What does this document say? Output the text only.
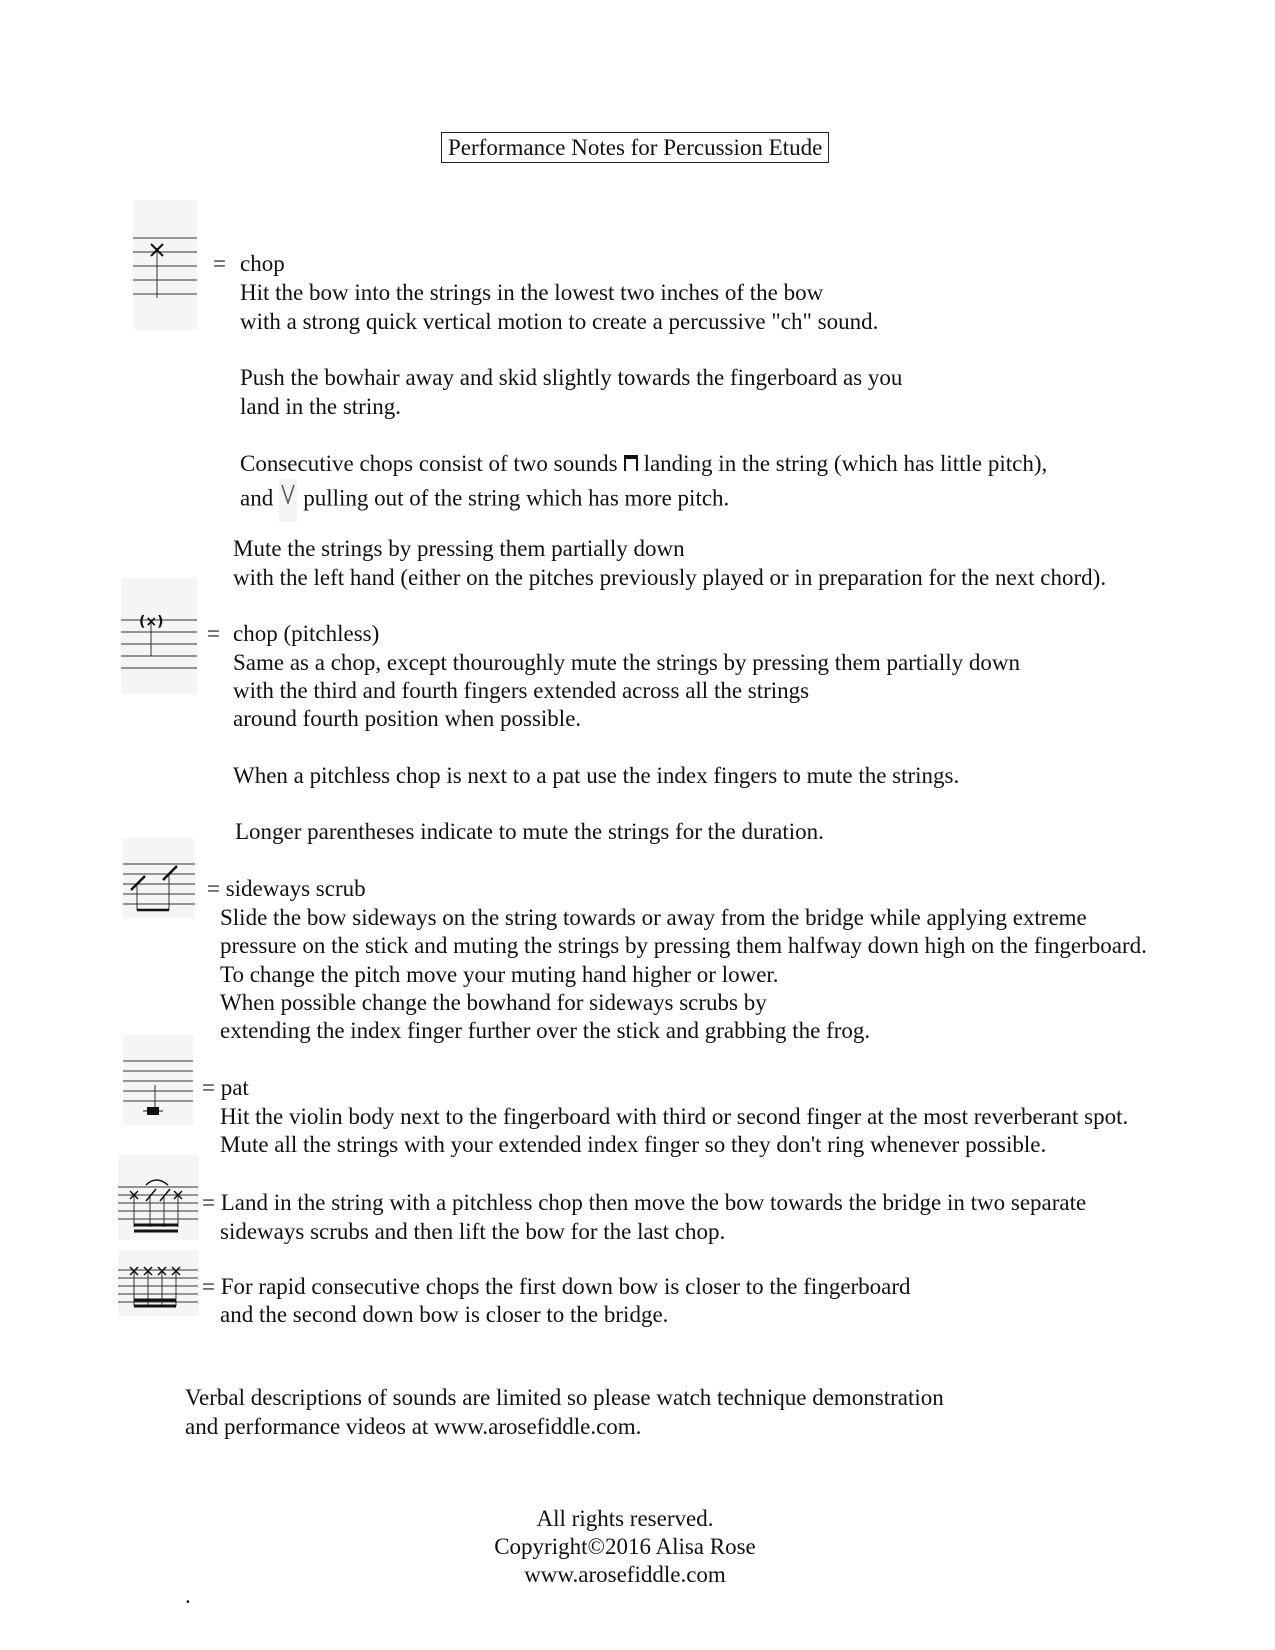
Performance Notes for Percussion Etude
= chop
Hit the bow into the strings in the lowest two inches of the bow
with a strong quick vertical motion to create a percussive "ch" sound.
Push the bowhair away and skid slightly towards the fingerboard as you
land in the string.
Consecutive chops consist of two sounds landing in the string (which has little pitch),
and pulling out of the string which has more pitch.
Mute the strings by pressing them partially down
with the left hand (either on the pitches previously played or in preparation for the next chord).
(×) = chop (pitchless)
Same as a chop, except thouroughly mute the strings by pressing them partially down
with the third and fourth fingers extended across all the strings
around fourth position when possible.
When a pitchless chop is next to a pat use the index fingers to mute the strings.
Longer parentheses indicate to mute the strings for the duration.
= sideways scrub
Slide the bow sideways on the string towards or away from the bridge while applying extreme
pressure on the stick and muting the strings by pressing them halfway down high on the fingerboard.
To change the pitch move your muting hand higher or lower.
When possible change the bowhand for sideways scrubs by
extending the index finger further over the stick and grabbing the frog.
= pat
Hit the violin body next to the fingerboard with third or second finger at the most reverberant spot.
Mute all the strings with your extended index finger so they don't ring whenever possible.
= Land in the string with a pitchless chop then move the bow towards the bridge in two separate
sideways scrubs and then lift the bow for the last chop.
= For rapid consecutive chops the first down bow is closer to the fingerboard
and the second down bow is closer to the bridge.
Verbal descriptions of sounds are limited so please watch technique demonstration
and performance videos at www.arosefiddle.com.
All rights reserved.
Copyright©2016 Alisa Rose
www.arosefiddle.com
.
